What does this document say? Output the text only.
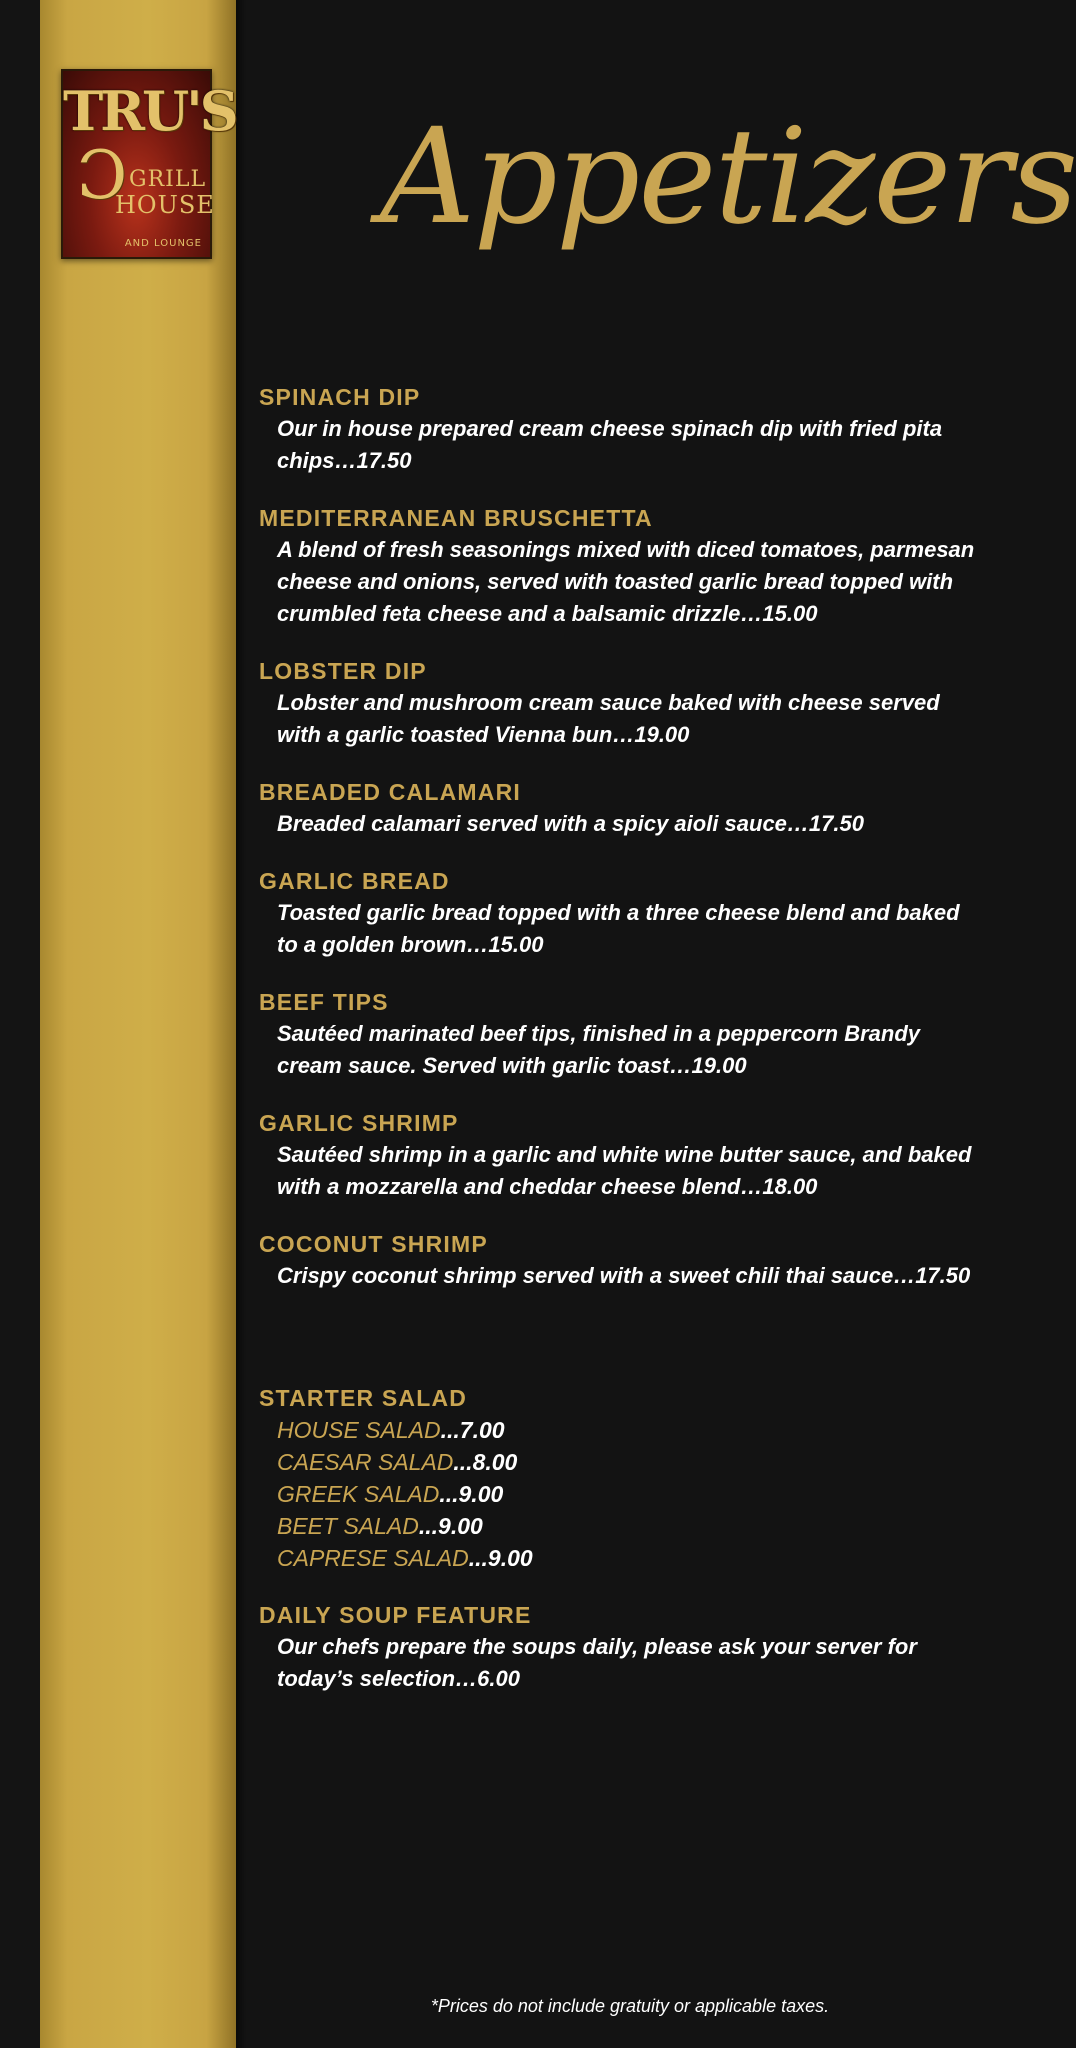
TRU'S
Ɔ GRILL
HOUSE
AND LOUNGE Appetizers

SPINACH DIP

Our in house prepared cream cheese spinach dip with fried pita chips…17.50

MEDITERRANEAN BRUSCHETTA

A blend of fresh seasonings mixed with diced tomatoes, parmesan cheese and onions, served with toasted garlic bread topped with crumbled feta cheese and a balsamic drizzle…15.00

LOBSTER DIP

Lobster and mushroom cream sauce baked with cheese served with a garlic toasted Vienna bun…19.00

BREADED CALAMARI

Breaded calamari served with a spicy aioli sauce…17.50

GARLIC BREAD

Toasted garlic bread topped with a three cheese blend and baked to a golden brown…15.00

BEEF TIPS

Sautéed marinated beef tips, finished in a peppercorn Brandy cream sauce. Served with garlic toast…19.00

GARLIC SHRIMP

Sautéed shrimp in a garlic and white wine butter sauce, and baked with a mozzarella and cheddar cheese blend…18.00

COCONUT SHRIMP

Crispy coconut shrimp served with a sweet chili thai sauce…17.50

STARTER SALAD

HOUSE SALAD...7.00

CAESAR SALAD...8.00

GREEK SALAD...9.00

BEET SALAD...9.00

CAPRESE SALAD...9.00

DAILY SOUP FEATURE

Our chefs prepare the soups daily, please ask your server for today’s selection…6.00

*Prices do not include gratuity or applicable taxes.
